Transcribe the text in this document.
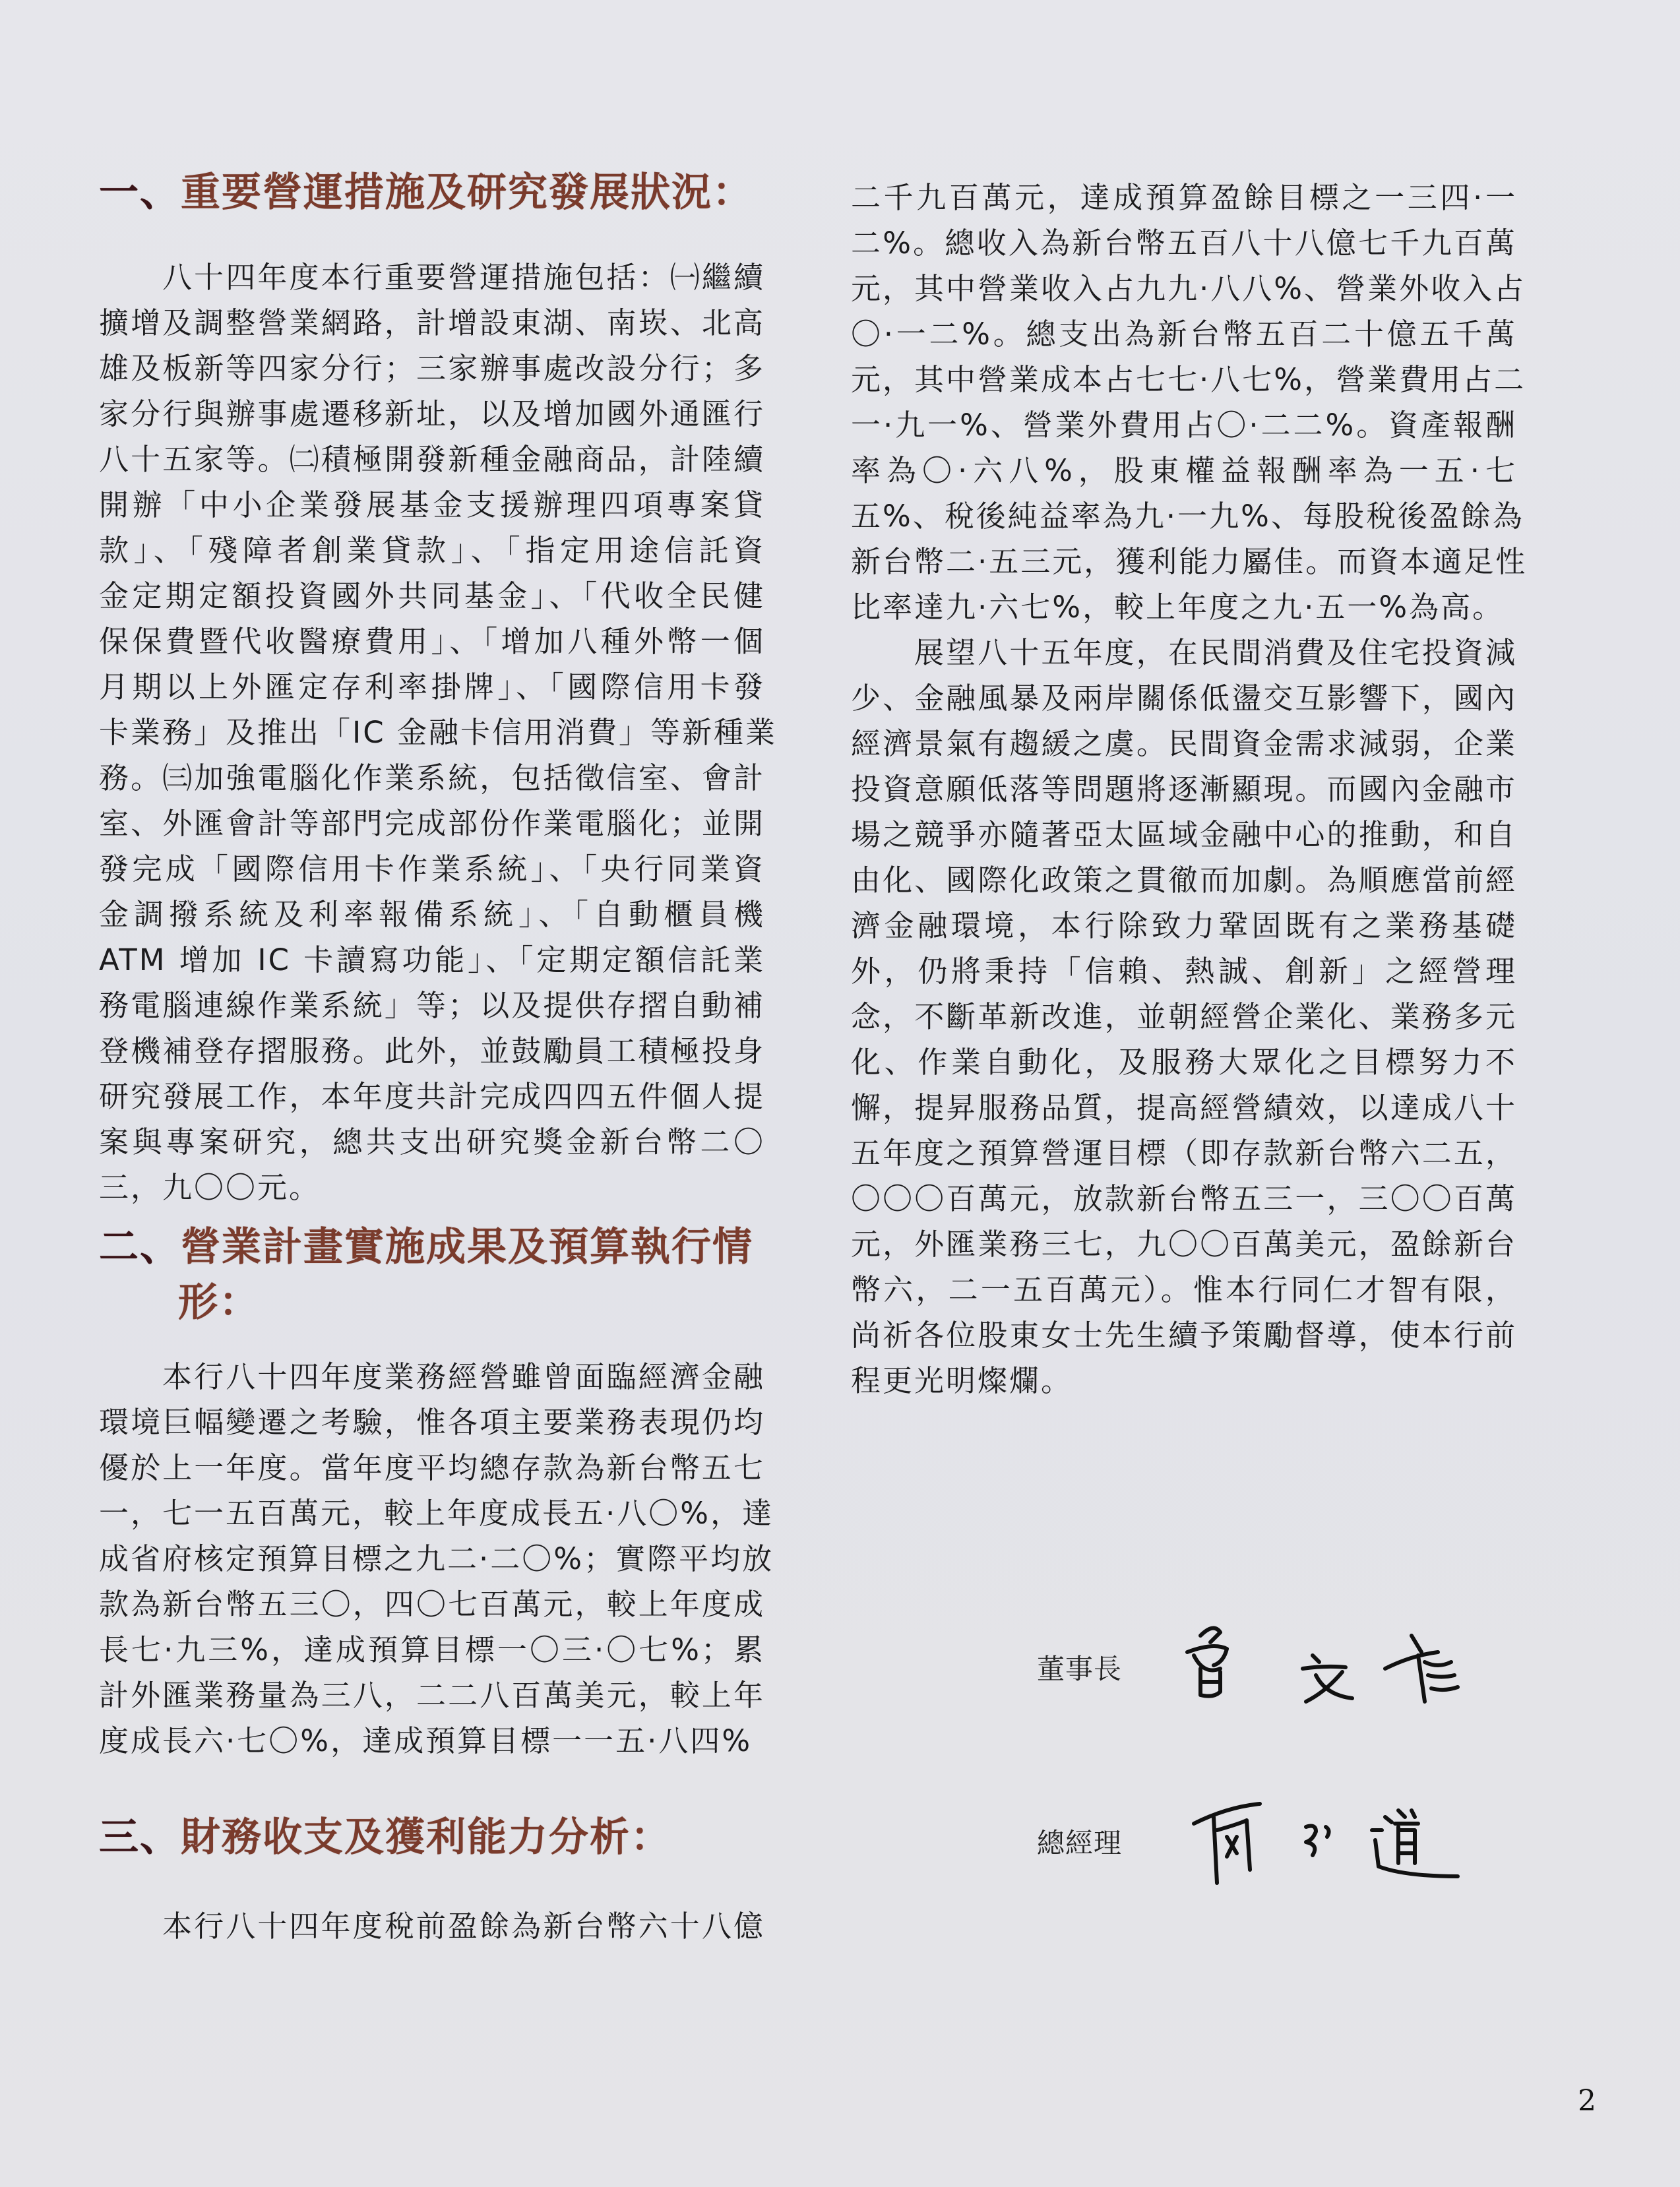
一、重要營運措施及研究發展狀況：
八十四年度本行重要營運措施包括：㈠繼續
擴增及調整營業網路，計增設東湖、南崁、北高
雄及板新等四家分行；三家辦事處改設分行；多
家分行與辦事處遷移新址，以及增加國外通匯行
八十五家等。㈡積極開發新種金融商品，計陸續
開辦「中小企業發展基金支援辦理四項專案貸
款」、「殘障者創業貸款」、「指定用途信託資
金定期定額投資國外共同基金」、「代收全民健
保保費暨代收醫療費用」、「增加八種外幣一個
月期以上外匯定存利率掛牌」、「國際信用卡發
卡業務」及推出「IC 金融卡信用消費」等新種業
務。㈢加強電腦化作業系統，包括徵信室、會計
室、外匯會計等部門完成部份作業電腦化；並開
發完成「國際信用卡作業系統」、「央行同業資
金調撥系統及利率報備系統」、「自動櫃員機
ATM 增加 IC 卡讀寫功能」、「定期定額信託業
務電腦連線作業系統」等；以及提供存摺自動補
登機補登存摺服務。此外，並鼓勵員工積極投身
研究發展工作，本年度共計完成四四五件個人提
案與專案研究，總共支出研究獎金新台幣二〇
三，九〇〇元。
二、營業計畫實施成果及預算執行情
形：
本行八十四年度業務經營雖曾面臨經濟金融
環境巨幅變遷之考驗，惟各項主要業務表現仍均
優於上一年度。當年度平均總存款為新台幣五七
一，七一五百萬元，較上年度成長五·八〇%，達
成省府核定預算目標之九二·二〇%；實際平均放
款為新台幣五三〇，四〇七百萬元，較上年度成
長七·九三%，達成預算目標一〇三·〇七%；累
計外匯業務量為三八，二二八百萬美元，較上年
度成長六·七〇%，達成預算目標一一五·八四%
三、財務收支及獲利能力分析：
本行八十四年度稅前盈餘為新台幣六十八億
二千九百萬元，達成預算盈餘目標之一三四·一
二%。總收入為新台幣五百八十八億七千九百萬
元，其中營業收入占九九·八八%、營業外收入占
〇·一二%。總支出為新台幣五百二十億五千萬
元，其中營業成本占七七·八七%，營業費用占二
一·九一%、營業外費用占〇·二二%。資產報酬
率為〇·六八%，股東權益報酬率為一五·七
五%、稅後純益率為九·一九%、每股稅後盈餘為
新台幣二·五三元，獲利能力屬佳。而資本適足性
比率達九·六七%，較上年度之九·五一%為高。
展望八十五年度，在民間消費及住宅投資減
少、金融風暴及兩岸關係低盪交互影響下，國內
經濟景氣有趨緩之虞。民間資金需求減弱，企業
投資意願低落等問題將逐漸顯現。而國內金融市
場之競爭亦隨著亞太區域金融中心的推動，和自
由化、國際化政策之貫徹而加劇。為順應當前經
濟金融環境，本行除致力鞏固既有之業務基礎
外，仍將秉持「信賴、熱誠、創新」之經營理
念，不斷革新改進，並朝經營企業化、業務多元
化、作業自動化，及服務大眾化之目標努力不
懈，提昇服務品質，提高經營績效，以達成八十
五年度之預算營運目標（即存款新台幣六二五，
〇〇〇百萬元，放款新台幣五三一，三〇〇百萬
元，外匯業務三七，九〇〇百萬美元，盈餘新台
幣六，二一五百萬元）。惟本行同仁才智有限，
尚祈各位股東女士先生續予策勵督導，使本行前
程更光明燦爛。
董事長
總經理
2
